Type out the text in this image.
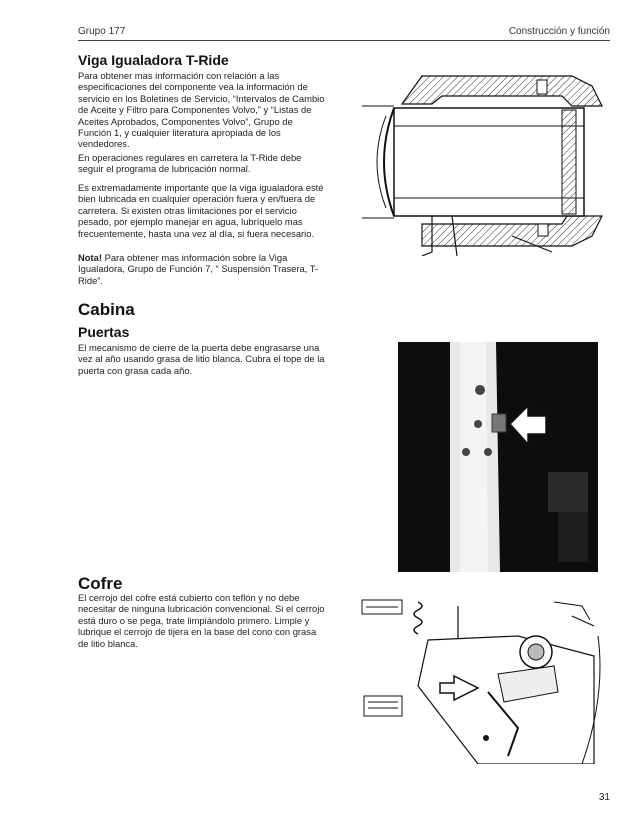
Grupo 177	Construcción y función
Viga Igualadora T-Ride

Para obtener mas información con relación a las especificaciones del componente vea la información de servicio en los Boletines de Servicio, “Intervalos de Cambio de Aceite y Filtro para Componentes Volvo,” y “Listas de Aceites Aprobados, Componentes Volvo”, Grupo de Función 1, y cualquier literatura apropiada de los vendedores.

En operaciones regulares en carretera la T-Ride debe seguir el programa de lubricación normal.

Es extremadamente importante que la viga igualadora esté bien lubricada en cualquier operación fuera y en/fuera de carretera. Si existen otras limitaciones por el servicio pesado, por ejemplo manejar en agua, lubríquelo mas frecuentemente, hasta una vez al día, si fuera necesario.

Nota! Para obtener mas información sobre la Viga Igualadora, Grupo de Función 7, “ Suspensión Trasera, T-Ride”.

Cabina
Puertas

El mecanismo de cierre de la puerta debe engrasarse una vez al año usando grasa de litio blanca. Cubra el tope de la puerta con grasa cada año.

Cofre

El cerrojo del cofre está cubierto con teflón y no debe necesitar de ninguna lubricación convencional. Si el cerrojo está duro o se pega, trate limpiándolo primero. Limpie y lubrique el cerrojo de tijera en la base del cono con grasa de litio blanca.

31
